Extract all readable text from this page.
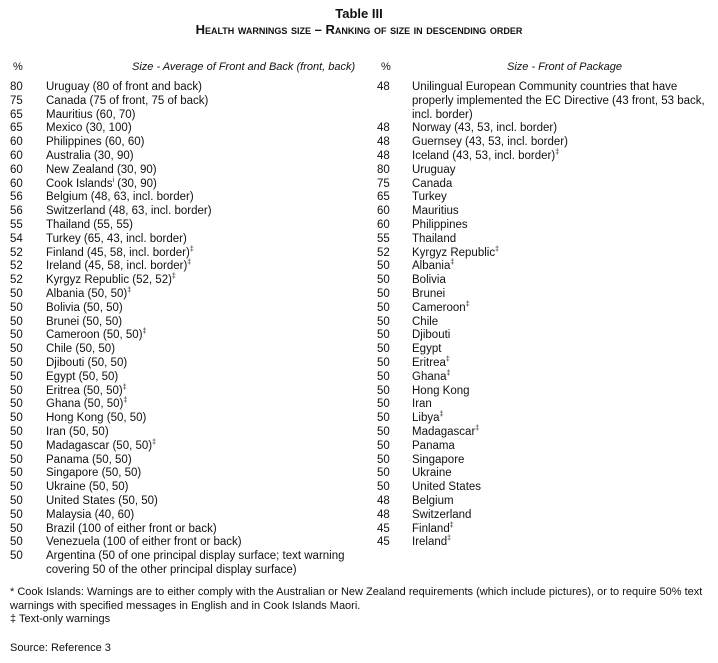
Table III
Health warnings size – Ranking of size in descending order
%	Size - Average of Front and Back (front, back) %	Size - Front of Package
80	Uruguay (80 of front and back)
75	Canada (75 of front, 75 of back)
65	Mauritius (60, 70)
65	Mexico (30, 100)
60	Philippines (60, 60)
60	Australia (30, 90)
60	New Zealand (30, 90)
60	Cook Islands$^i$ (30, 90)
56	Belgium (48, 63, incl. border)
56	Switzerland (48, 63, incl. border)
55	Thailand (55, 55)
54	Turkey (65, 43, incl. border)
52	Finland (45, 58, incl. border)‡
52	Ireland (45, 58, incl. border)‡
52	Kyrgyz Republic (52, 52)‡
50	Albania (50, 50)‡
50	Bolivia (50, 50)
50	Brunei (50, 50)
50	Cameroon (50, 50)‡
50	Chile (50, 50)
50	Djibouti (50, 50)
50	Egypt (50, 50)
50	Eritrea (50, 50)‡
50	Ghana (50, 50)‡
50	Hong Kong (50, 50)
50	Iran (50, 50)
50	Madagascar (50, 50)‡
50	Panama (50, 50)
50	Singapore (50, 50)
50	Ukraine (50, 50)
50	United States (50, 50)
50	Malaysia (40, 60)
50	Brazil (100 of either front or back)
50	Venezuela (100 of either front or back)
50	Argentina (50 of one principal display surface; text warning covering 50 of the other principal display surface)
48	Unilingual European Community countries that have properly implemented the EC Directive (43 front, 53 back, incl. border)
48	Norway (43, 53, incl. border)
48	Guernsey (43, 53, incl. border)
48	Iceland (43, 53, incl. border)‡
80	Uruguay
75	Canada
65	Turkey
60	Mauritius
60	Philippines
55	Thailand
52	Kyrgyz Republic‡
50	Albania‡
50	Bolivia
50	Brunei
50	Cameroon‡
50	Chile
50	Djibouti
50	Egypt
50	Eritrea‡
50	Ghana‡
50	Hong Kong
50	Iran
50	Libya‡
50	Madagascar‡
50	Panama
50	Singapore
50	Ukraine
50	United States
48	Belgium
48	Switzerland
45	Finland‡
45	Ireland‡

* Cook Islands: Warnings are to either comply with the Australian or New Zealand requirements (which include pictures), or to require 50% text warnings with specified messages in English and in Cook Islands Maori.

‡ Text-only warnings

Source: Reference 3
